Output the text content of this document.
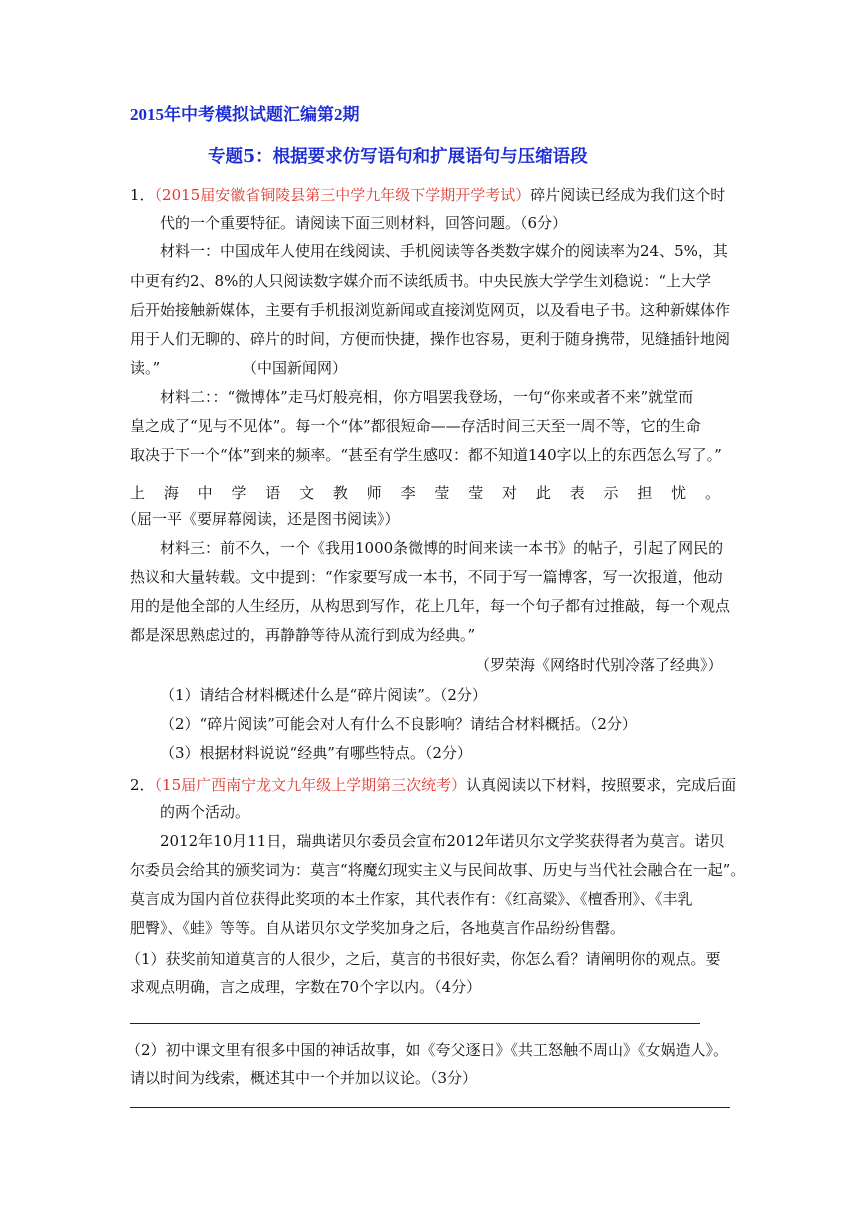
2015年中考模拟试题汇编第2期
专题5：根据要求仿写语句和扩展语句与压缩语段
1．（2015届安徽省铜陵县第三中学九年级下学期开学考试）碎片阅读已经成为我们这个时
代的一个重要特征。请阅读下面三则材料，回答问题。（6分）
材料一：中国成年人使用在线阅读、手机阅读等各类数字媒介的阅读率为24、5%，其
中更有约2、8%的人只阅读数字媒介而不读纸质书。中央民族大学学生刘稳说：“上大学
后开始接触新媒体，主要有手机报浏览新闻或直接浏览网页，以及看电子书。这种新媒体作
用于人们无聊的、碎片的时间，方便而快捷，操作也容易，更利于随身携带，见缝插针地阅
读。”	（中国新闻网）
材料二：：“微博体”走马灯般亮相，你方唱罢我登场，一句“你来或者不来”就堂而
皇之成了“见与不见体”。每一个“体”都很短命——存活时间三天至一周不等，它的生命
取决于下一个“体”到来的频率。“甚至有学生感叹：都不知道140字以上的东西怎么写了。”
上海中学语文教师李莹莹对此表示担忧。
（屈一平《要屏幕阅读，还是图书阅读》）
材料三：前不久，一个《我用1000条微博的时间来读一本书》的帖子，引起了网民的
热议和大量转载。文中提到：“作家要写成一本书，不同于写一篇博客，写一次报道，他动
用的是他全部的人生经历，从构思到写作，花上几年，每一个句子都有过推敲，每一个观点
都是深思熟虑过的，再静静等待从流行到成为经典。”
（罗荣海《网络时代别冷落了经典》）
（1）请结合材料概述什么是“碎片阅读”。（2分）
（2）“碎片阅读”可能会对人有什么不良影响？请结合材料概括。（2分）
（3）根据材料说说“经典”有哪些特点。（2分）
2．（15届广西南宁龙文九年级上学期第三次统考）认真阅读以下材料，按照要求，完成后面
的两个活动。
2012年10月11日，瑞典诺贝尔委员会宣布2012年诺贝尔文学奖获得者为莫言。诺贝
尔委员会给其的颁奖词为：莫言“将魔幻现实主义与民间故事、历史与当代社会融合在一起”。
莫言成为国内首位获得此奖项的本土作家，其代表作有：《红高粱》、《檀香刑》、《丰乳
肥臀》、《蛙》等等。自从诺贝尔文学奖加身之后，各地莫言作品纷纷售罄。
（1）获奖前知道莫言的人很少，之后，莫言的书很好卖，你怎么看？请阐明你的观点。要
求观点明确，言之成理，字数在70个字以内。（4分）
（2）初中课文里有很多中国的神话故事，如《夸父逐日》《共工怒触不周山》《女娲造人》。
请以时间为线索，概述其中一个并加以议论。（3分）
